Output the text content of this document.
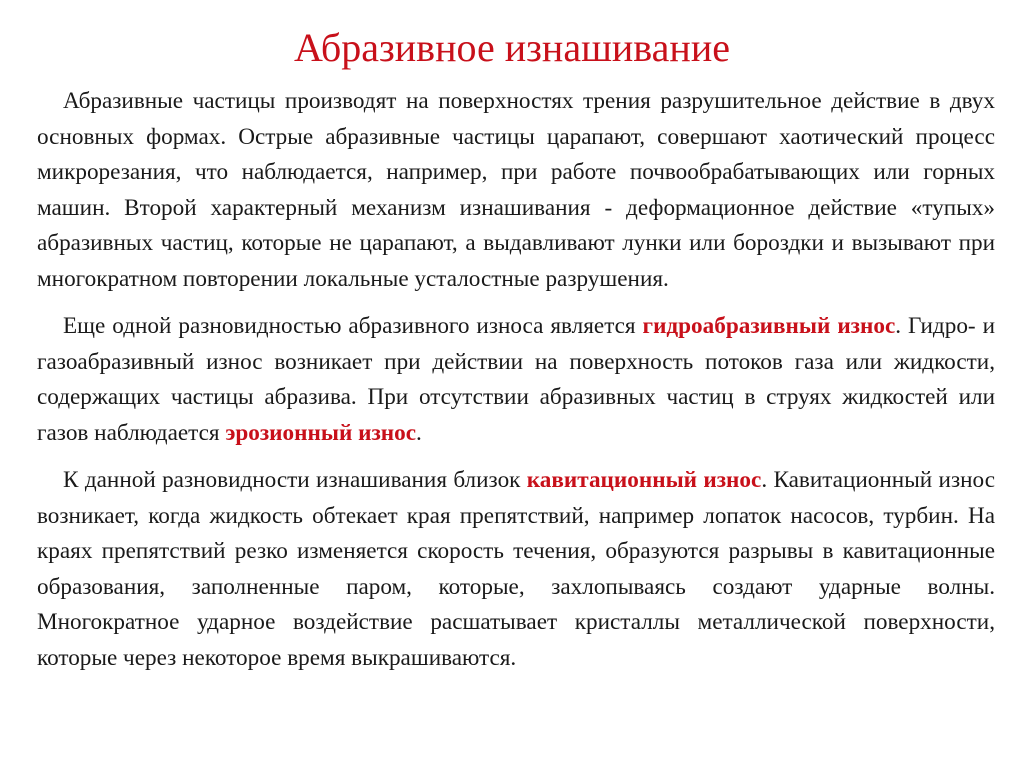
Абразивное изнашивание

Абразивные частицы производят на поверхностях трения разрушительное действие в двух основных формах. Острые абразивные частицы царапают, совершают хаотический процесс микрорезания, что наблюдается, например, при работе почвообрабатывающих или горных машин. Второй характерный механизм изнашивания - деформационное действие «тупых» абразивных частиц, которые не царапают, а выдавливают лунки или бороздки и вызывают при многократном повторении локальные усталостные разрушения.

Еще одной разновидностью абразивного износа является гидроабразивный износ. Гидро- и газоабразивный износ возникает при действии на поверхность потоков газа или жидкости, содержащих частицы абразива. При отсутствии абразивных частиц в струях жидкостей или газов наблюдается эрозионный износ.

К данной разновидности изнашивания близок кавитационный износ. Кавитационный износ возникает, когда жидкость обтекает края препятствий, например лопаток насосов, турбин. На краях препятствий резко изменяется скорость течения, образуются разрывы в кавитационные образования, заполненные паром, которые, захлопываясь создают ударные волны. Многократное ударное воздействие расшатывает кристаллы металлической поверхности, которые через некоторое время выкрашиваются.
